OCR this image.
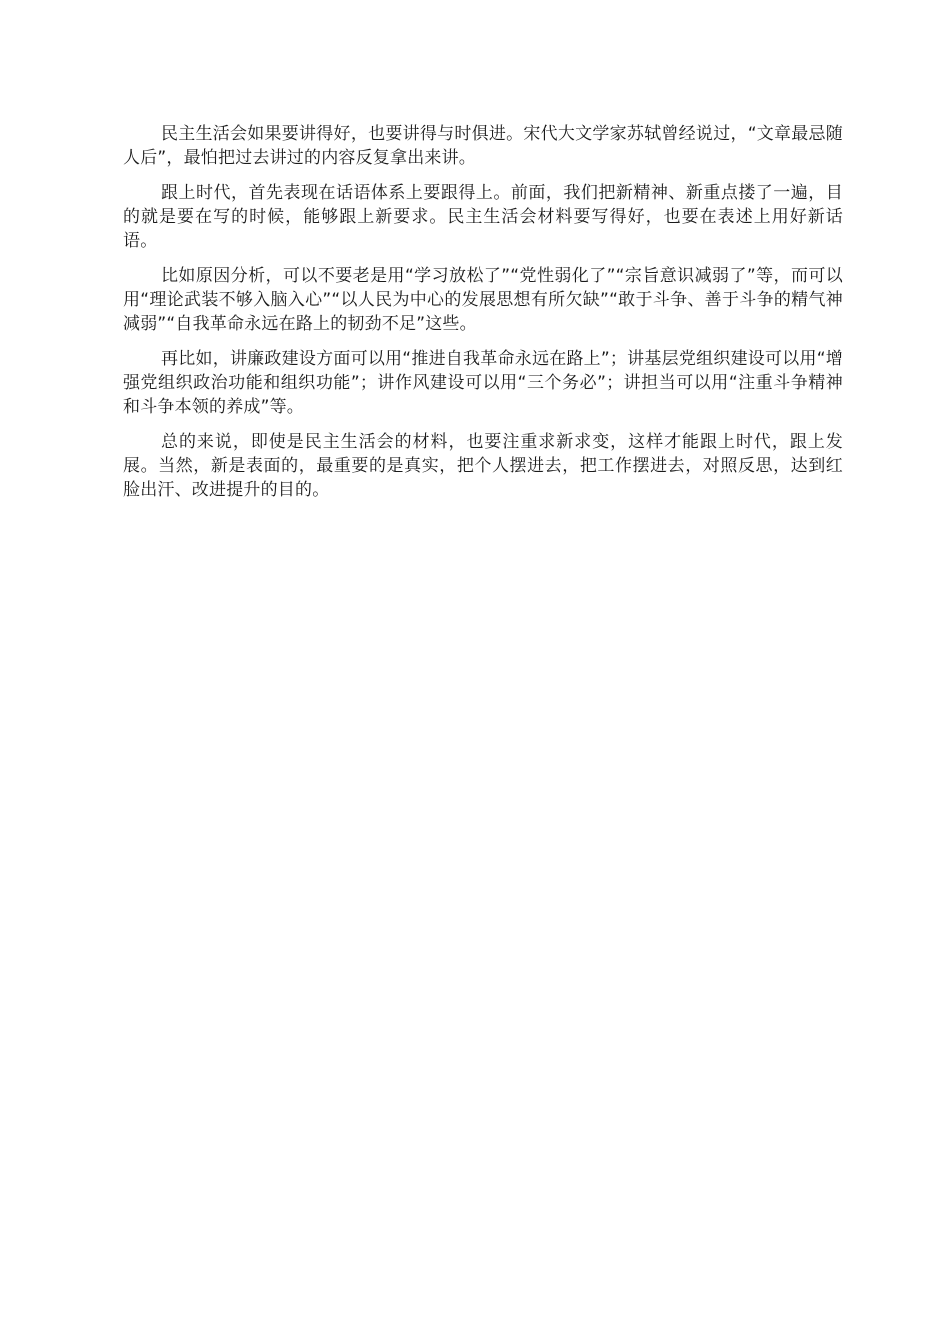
民主生活会如果要讲得好，也要讲得与时俱进。宋代大文学家苏轼曾经说过，“文章最忌随人后”，最怕把过去讲过的内容反复拿出来讲。

跟上时代，首先表现在话语体系上要跟得上。前面，我们把新精神、新重点搂了一遍，目的就是要在写的时候，能够跟上新要求。民主生活会材料要写得好，也要在表述上用好新话语。

比如原因分析，可以不要老是用“学习放松了”“党性弱化了”“宗旨意识减弱了”等，而可以用“理论武装不够入脑入心”“以人民为中心的发展思想有所欠缺”“敢于斗争、善于斗争的精气神减弱”“自我革命永远在路上的韧劲不足”这些。

再比如，讲廉政建设方面可以用“推进自我革命永远在路上”；讲基层党组织建设可以用“增强党组织政治功能和组织功能”；讲作风建设可以用“三个务必”；讲担当可以用“注重斗争精神和斗争本领的养成”等。

总的来说，即使是民主生活会的材料，也要注重求新求变，这样才能跟上时代，跟上发展。当然，新是表面的，最重要的是真实，把个人摆进去，把工作摆进去，对照反思，达到红脸出汗、改进提升的目的。
